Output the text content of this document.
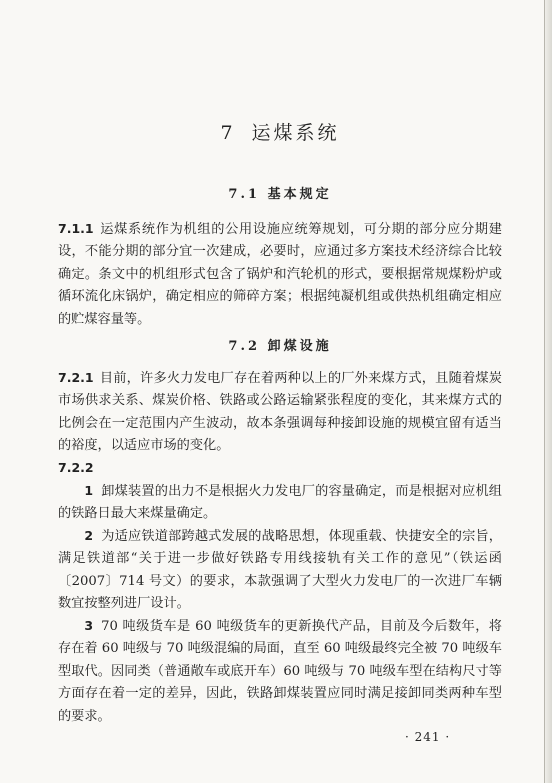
7 运煤系统
7.1 基本规定

7.1.1 运煤系统作为机组的公用设施应统筹规划，可分期的部分应分期建设，不能分期的部分宜一次建成，必要时，应通过多方案技术经济综合比较确定。条文中的机组形式包含了锅炉和汽轮机的形式，要根据常规煤粉炉或循环流化床锅炉，确定相应的筛碎方案；根据纯凝机组或供热机组确定相应的贮煤容量等。

7.2 卸煤设施

7.2.1 目前，许多火力发电厂存在着两种以上的厂外来煤方式，且随着煤炭市场供求关系、煤炭价格、铁路或公路运输紧张程度的变化，其来煤方式的比例会在一定范围内产生波动，故本条强调每种接卸设施的规模宜留有适当的裕度，以适应市场的变化。

7.2.2

1 卸煤装置的出力不是根据火力发电厂的容量确定，而是根据对应机组的铁路日最大来煤量确定。

2 为适应铁道部跨越式发展的战略思想，体现重载、快捷安全的宗旨，满足铁道部“关于进一步做好铁路专用线接轨有关工作的意见”（铁运函〔2007〕714 号文）的要求，本款强调了大型火力发电厂的一次进厂车辆数宜按整列进厂设计。

3 70 吨级货车是 60 吨级货车的更新换代产品，目前及今后数年，将存在着 60 吨级与 70 吨级混编的局面，直至 60 吨级最终完全被 70 吨级车型取代。因同类（普通敞车或底开车）60 吨级与 70 吨级车型在结构尺寸等方面存在着一定的差异，因此，铁路卸煤装置应同时满足接卸同类两种车型的要求。

· 241 ·
